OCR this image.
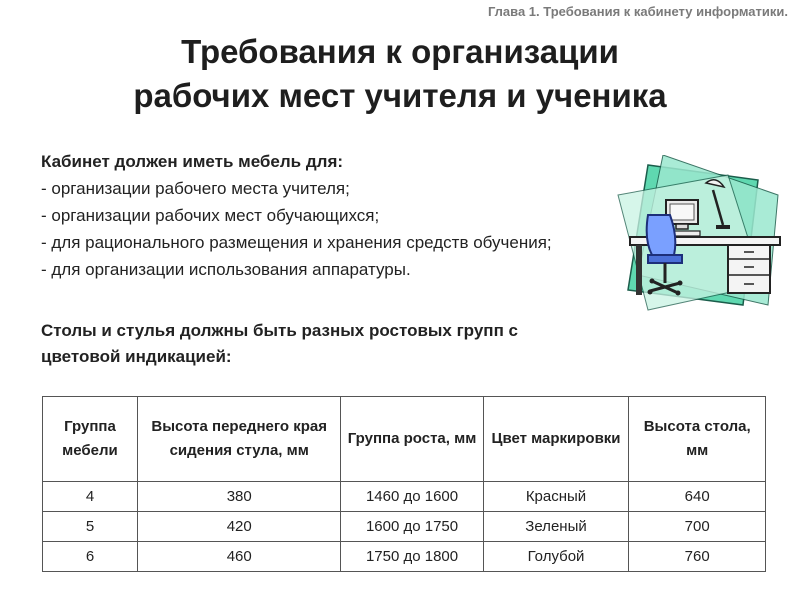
Глава 1. Требования к кабинету информатики.
Требования к организации
рабочих мест учителя и ученика
Кабинет должен иметь мебель для:
- организации рабочего места учителя;
- организации рабочих мест обучающихся;
- для рационального размещения и хранения средств обучения;
- для организации использования аппаратуры.
Столы и стулья должны быть разных ростовых групп с цветовой индикацией:
Группа мебели	Высота переднего края сидения стула, мм	Группа роста, мм	Цвет маркировки	Высота стола, мм
4	380	1460 до 1600	Красный	640
5	420	1600 до 1750	Зеленый	700
6	460	1750 до 1800	Голубой	760
